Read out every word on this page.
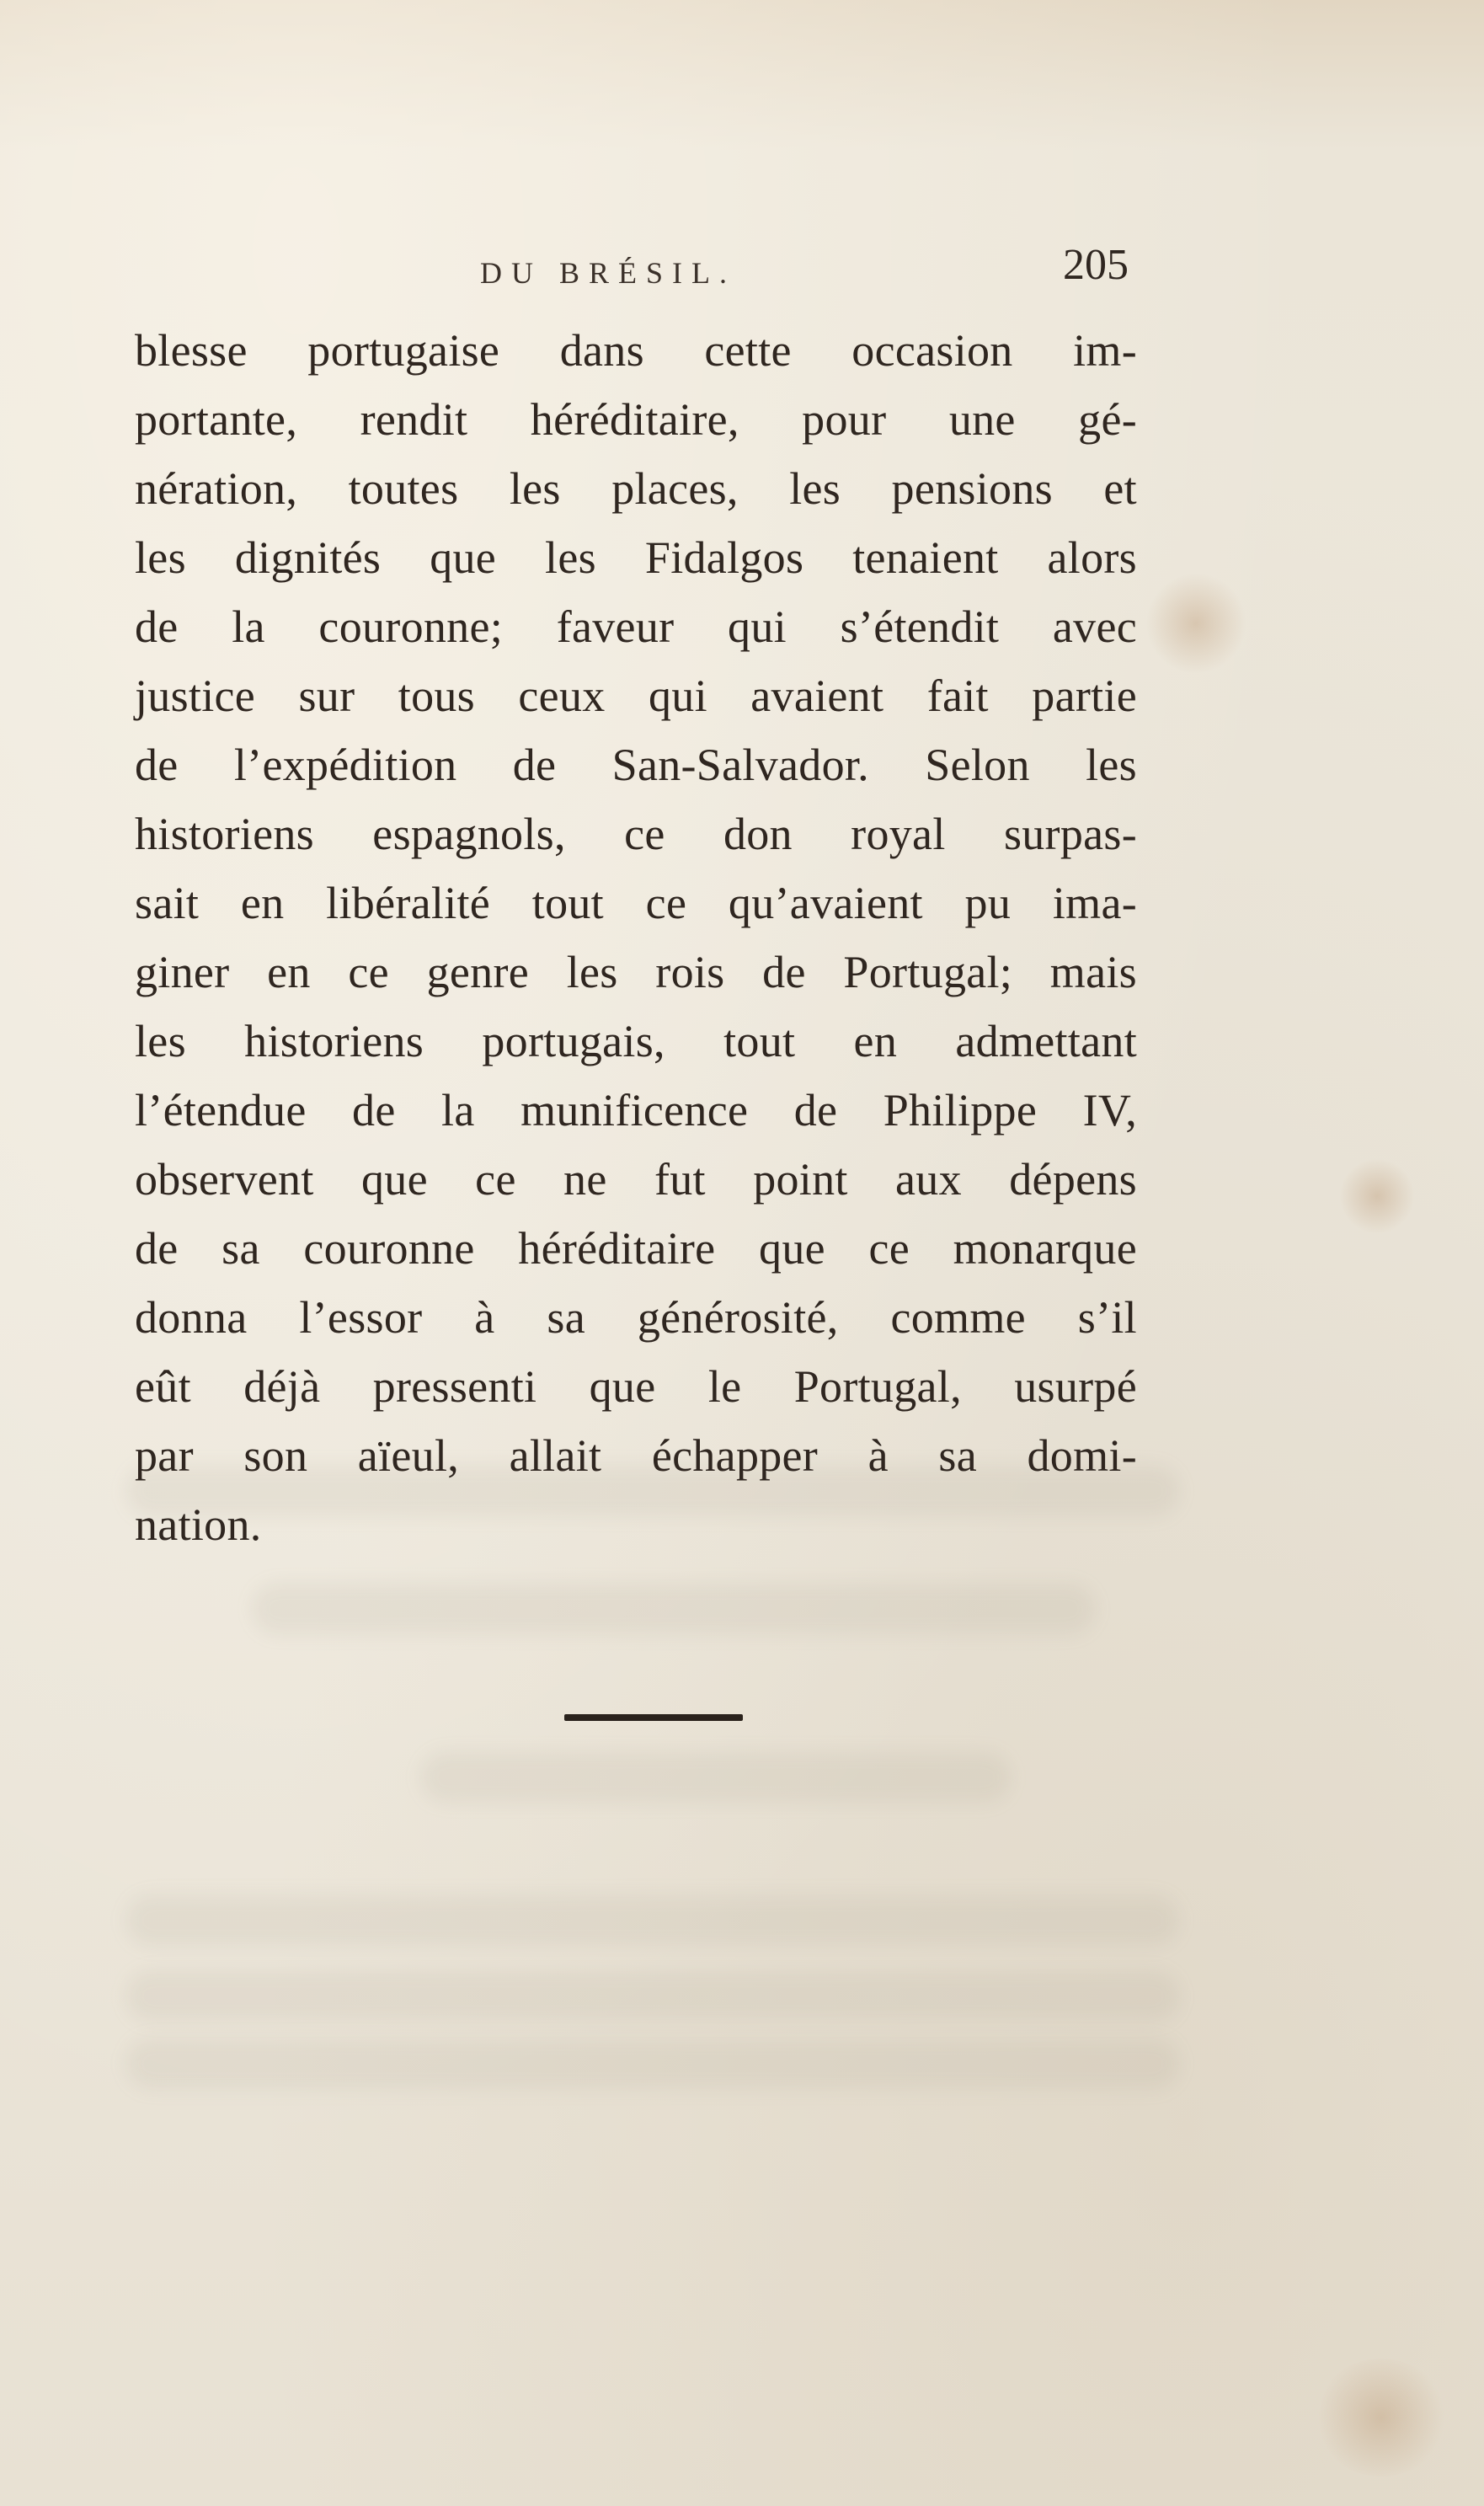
DU BRÉSIL.	205
blesse portugaise dans cette occasion im-
portante, rendit héréditaire, pour une gé-
nération, toutes les places, les pensions et
les dignités que les Fidalgos tenaient alors
de la couronne; faveur qui s’étendit avec
justice sur tous ceux qui avaient fait partie
de l’expédition de San-Salvador. Selon les
historiens espagnols, ce don royal surpas-
sait en libéralité tout ce qu’avaient pu ima-
giner en ce genre les rois de Portugal; mais
les historiens portugais, tout en admettant
l’étendue de la munificence de Philippe IV,
observent que ce ne fut point aux dépens
de sa couronne héréditaire que ce monarque
donna l’essor à sa générosité, comme s’il
eût déjà pressenti que le Portugal, usurpé
par son aïeul, allait échapper à sa domi-
nation.
